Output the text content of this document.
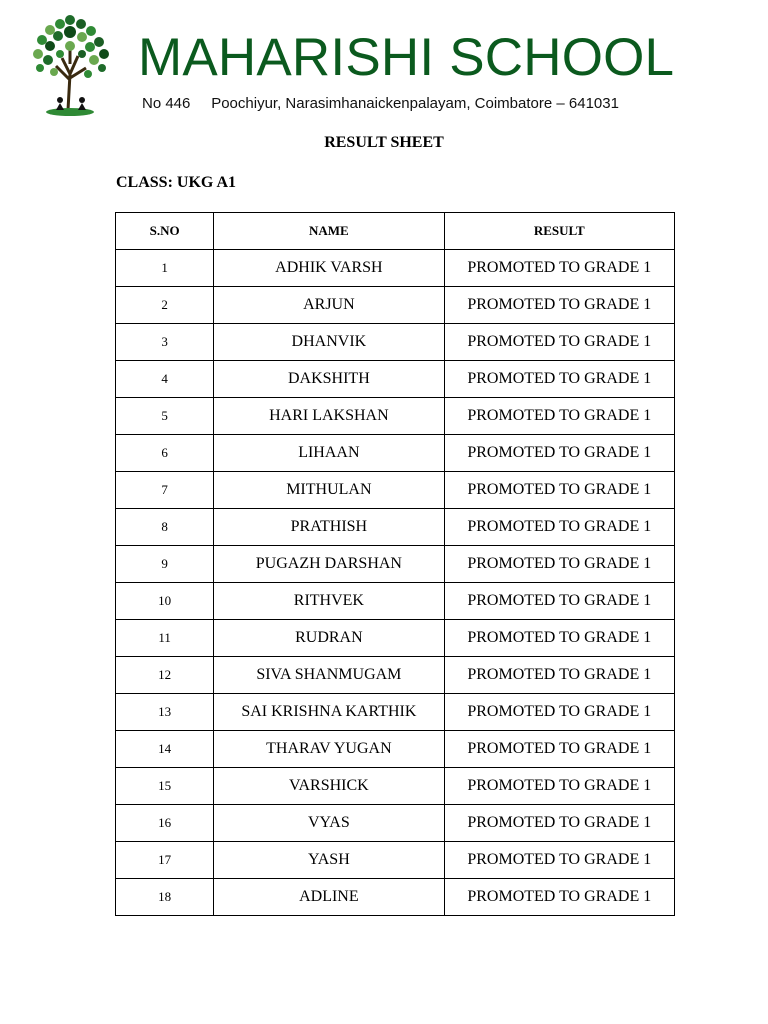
MAHARISHI SCHOOL
No 446     Poochiyur, Narasimhanaickenpalayam, Coimbatore – 641031
RESULT SHEET
CLASS: UKG A1
S.NO	NAME	RESULT
1	ADHIK VARSH	PROMOTED TO GRADE 1
2	ARJUN	PROMOTED TO GRADE 1
3	DHANVIK	PROMOTED TO GRADE 1
4	DAKSHITH	PROMOTED TO GRADE 1
5	HARI LAKSHAN	PROMOTED TO GRADE 1
6	LIHAAN	PROMOTED TO GRADE 1
7	MITHULAN	PROMOTED TO GRADE 1
8	PRATHISH	PROMOTED TO GRADE 1
9	PUGAZH DARSHAN	PROMOTED TO GRADE 1
10	RITHVEK	PROMOTED TO GRADE 1
11	RUDRAN	PROMOTED TO GRADE 1
12	SIVA SHANMUGAM	PROMOTED TO GRADE 1
13	SAI KRISHNA KARTHIK	PROMOTED TO GRADE 1
14	THARAV YUGAN	PROMOTED TO GRADE 1
15	VARSHICK	PROMOTED TO GRADE 1
16	VYAS	PROMOTED TO GRADE 1
17	YASH	PROMOTED TO GRADE 1
18	ADLINE	PROMOTED TO GRADE 1
